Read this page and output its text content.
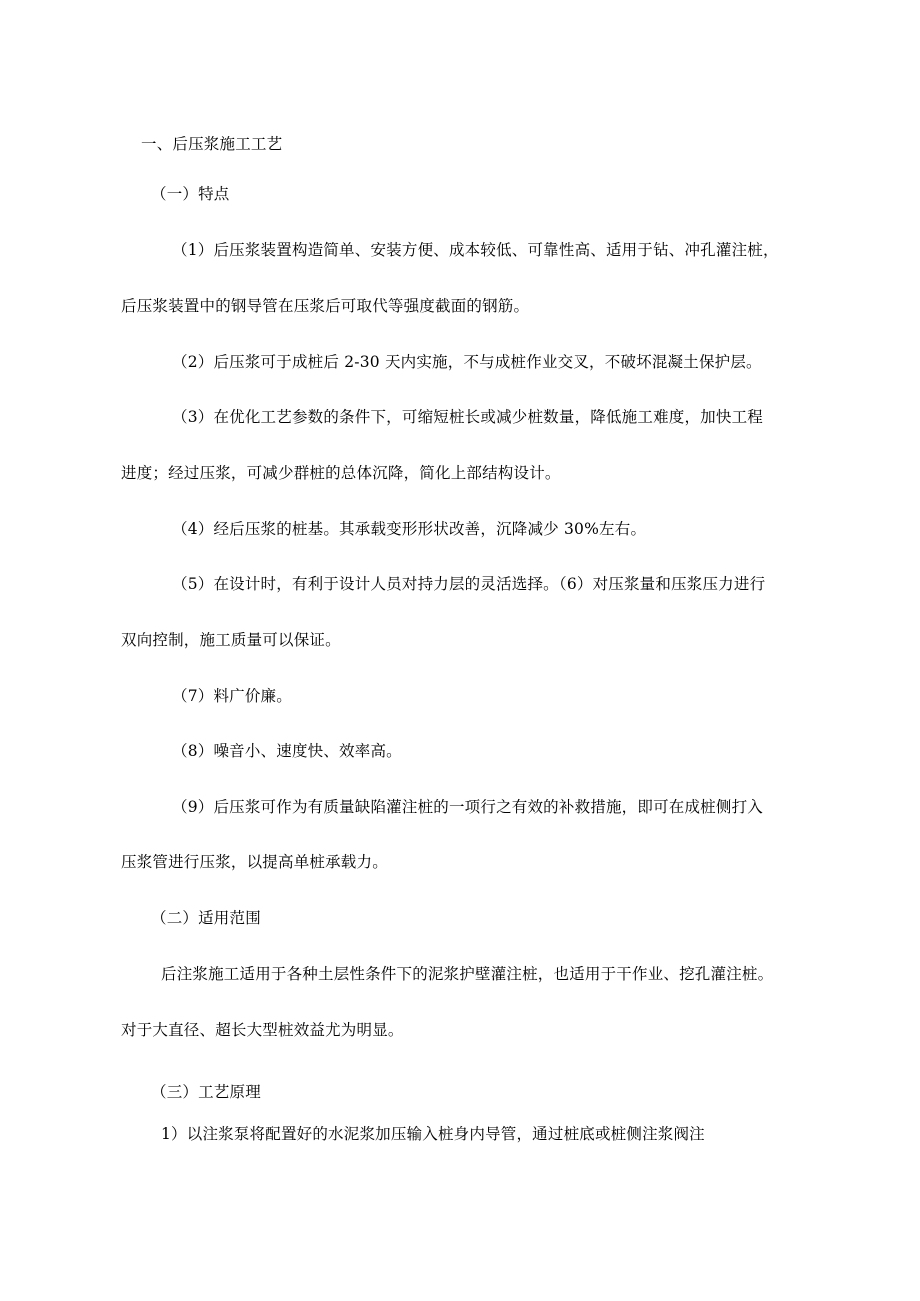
一、后压浆施工工艺
（一）特点
（1）后压浆装置构造简单、安装方便、成本较低、可靠性高、适用于钻、冲孔灌注桩，
后压浆装置中的钢导管在压浆后可取代等强度截面的钢筋。
（2）后压浆可于成桩后 2-30 天内实施，不与成桩作业交叉，不破坏混凝土保护层。
（3）在优化工艺参数的条件下，可缩短桩长或减少桩数量，降低施工难度，加快工程
进度；经过压浆，可减少群桩的总体沉降，简化上部结构设计。
（4）经后压浆的桩基。其承载变形形状改善，沉降减少 30%左右。
（5）在设计时，有利于设计人员对持力层的灵活选择。（6）对压浆量和压浆压力进行
双向控制，施工质量可以保证。
（7）料广价廉。
（8）噪音小、速度快、效率高。
（9）后压浆可作为有质量缺陷灌注桩的一项行之有效的补救措施，即可在成桩侧打入
压浆管进行压浆，以提高单桩承载力。
（二）适用范围
后注浆施工适用于各种土层性条件下的泥浆护壁灌注桩，也适用于干作业、挖孔灌注桩。
对于大直径、超长大型桩效益尤为明显。
（三）工艺原理
1）以注浆泵将配置好的水泥浆加压输入桩身内导管，通过桩底或桩侧注浆阀注
